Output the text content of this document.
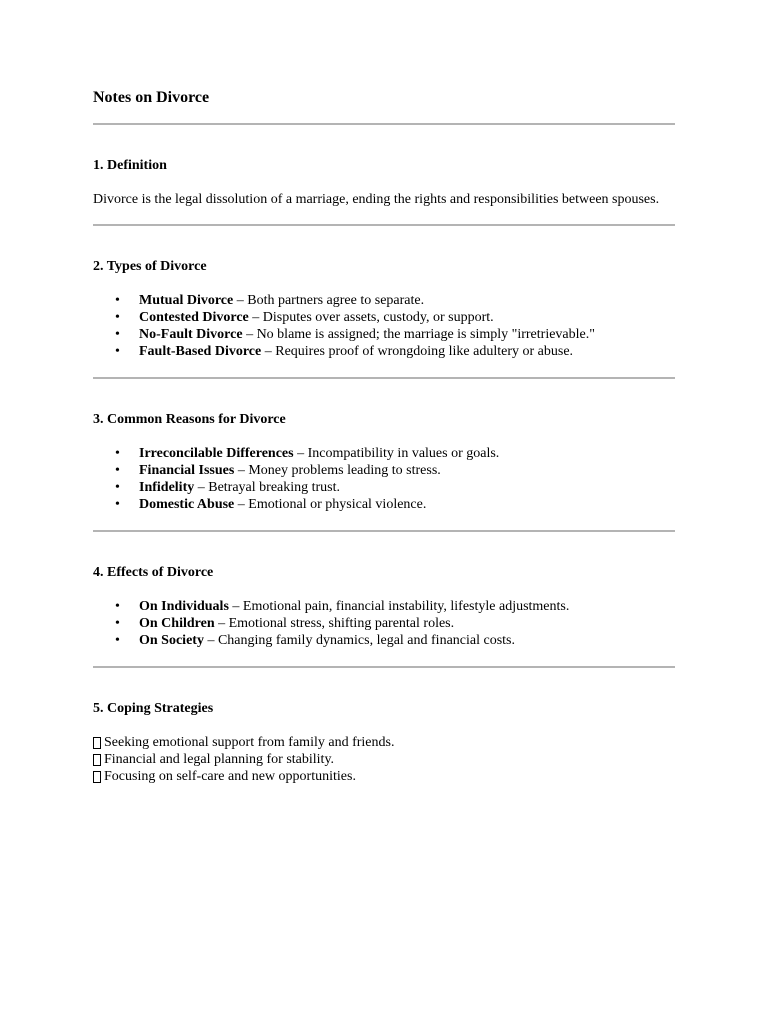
Notes on Divorce
1. Definition

Divorce is the legal dissolution of a marriage, ending the rights and responsibilities between spouses.

2. Types of Divorce
• Mutual Divorce – Both partners agree to separate.
• Contested Divorce – Disputes over assets, custody, or support.
• No-Fault Divorce – No blame is assigned; the marriage is simply "irretrievable."
• Fault-Based Divorce – Requires proof of wrongdoing like adultery or abuse.
3. Common Reasons for Divorce
• Irreconcilable Differences – Incompatibility in values or goals.
• Financial Issues – Money problems leading to stress.
• Infidelity – Betrayal breaking trust.
• Domestic Abuse – Emotional or physical violence.
4. Effects of Divorce
• On Individuals – Emotional pain, financial instability, lifestyle adjustments.
• On Children – Emotional stress, shifting parental roles.
• On Society – Changing family dynamics, legal and financial costs.
5. Coping Strategies
Seeking emotional support from family and friends.
Financial and legal planning for stability.
Focusing on self-care and new opportunities.
